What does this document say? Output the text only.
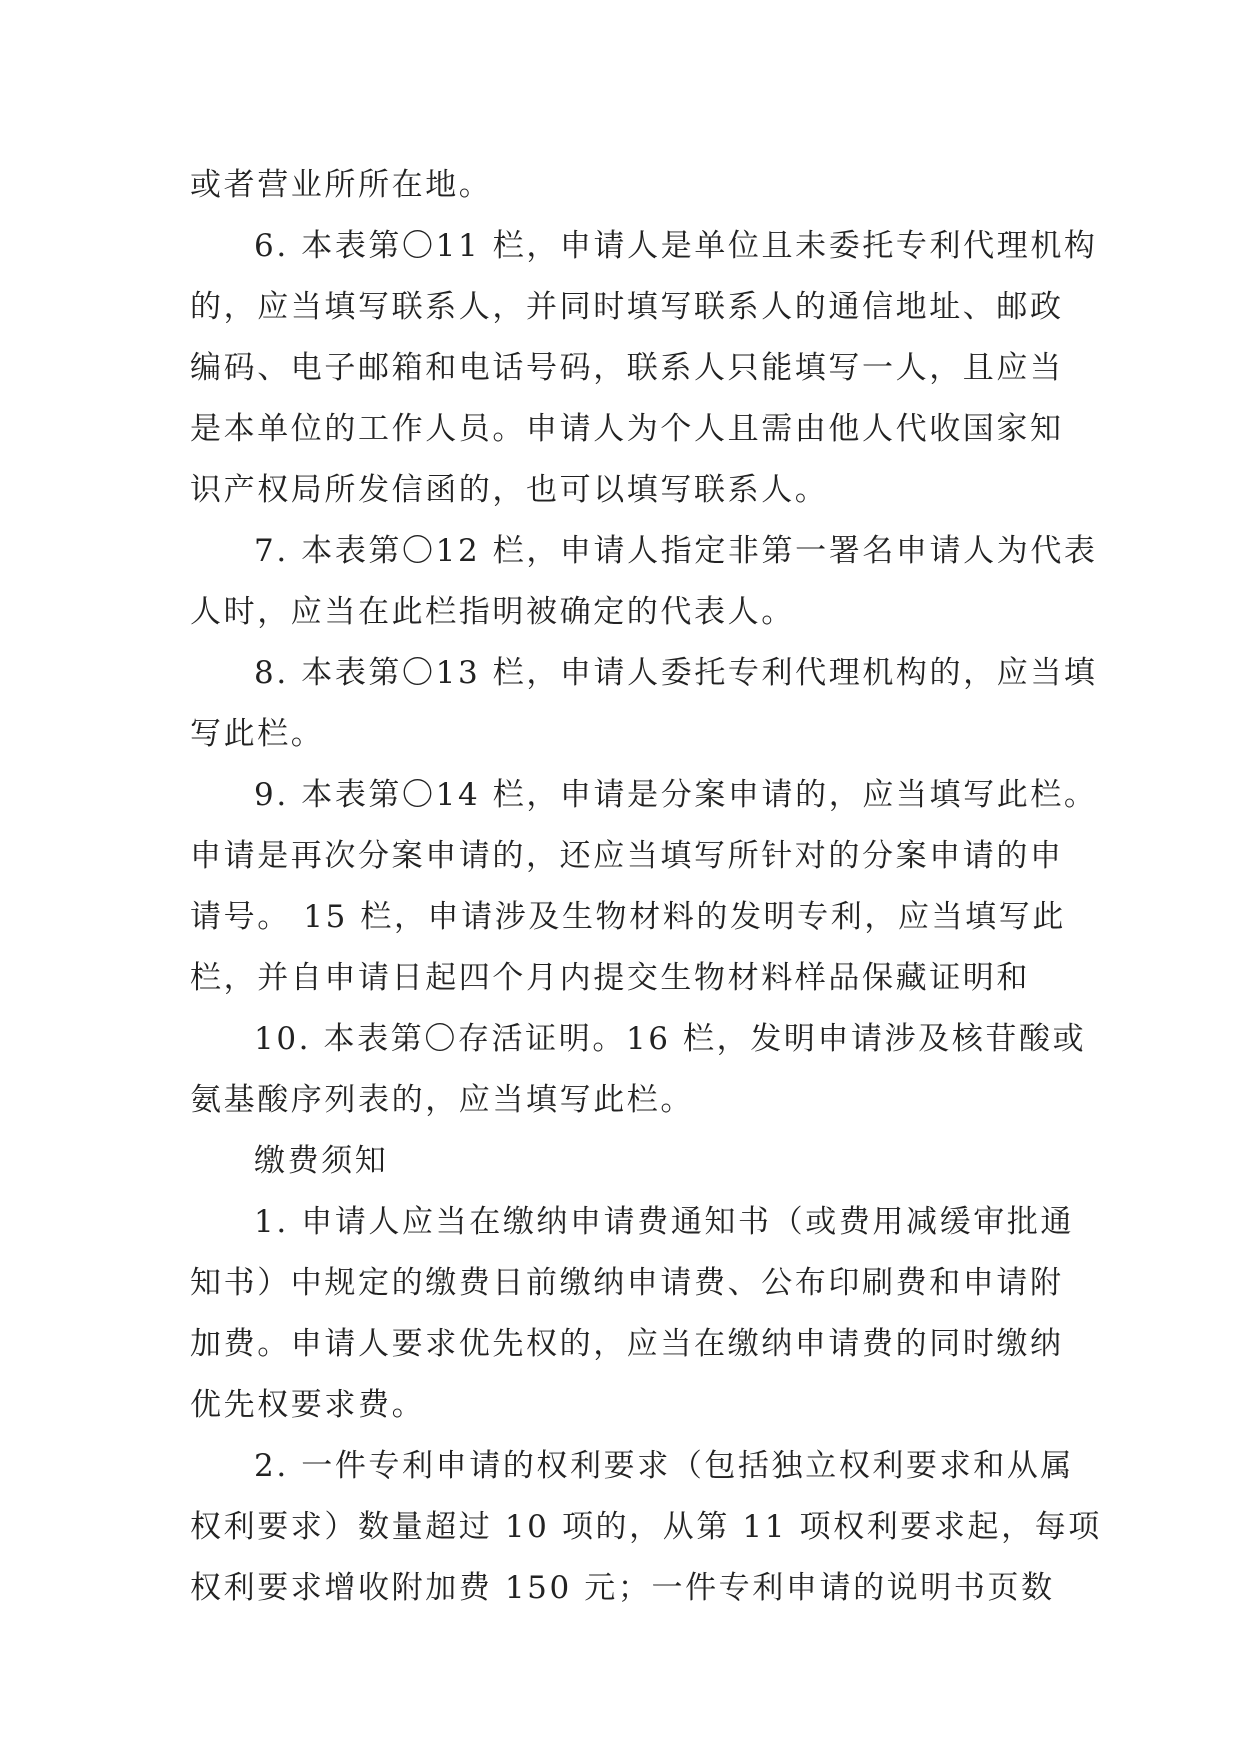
或者营业所所在地。
6. 本表第〇11 栏，申请人是单位且未委托专利代理机构
的，应当填写联系人，并同时填写联系人的通信地址、邮政
编码、电子邮箱和电话号码，联系人只能填写一人，且应当
是本单位的工作人员。申请人为个人且需由他人代收国家知
识产权局所发信函的，也可以填写联系人。
7. 本表第〇12 栏，申请人指定非第一署名申请人为代表
人时，应当在此栏指明被确定的代表人。
8. 本表第〇13 栏，申请人委托专利代理机构的，应当填
写此栏。
9. 本表第〇14 栏，申请是分案申请的，应当填写此栏。
申请是再次分案申请的，还应当填写所针对的分案申请的申
请号。 15 栏，申请涉及生物材料的发明专利，应当填写此
栏，并自申请日起四个月内提交生物材料样品保藏证明和
10. 本表第〇存活证明。16 栏，发明申请涉及核苷酸或
氨基酸序列表的，应当填写此栏。
缴费须知
1. 申请人应当在缴纳申请费通知书（或费用减缓审批通
知书）中规定的缴费日前缴纳申请费、公布印刷费和申请附
加费。申请人要求优先权的，应当在缴纳申请费的同时缴纳
优先权要求费。
2. 一件专利申请的权利要求（包括独立权利要求和从属
权利要求）数量超过 10 项的，从第 11 项权利要求起，每项
权利要求增收附加费 150 元；一件专利申请的说明书页数
